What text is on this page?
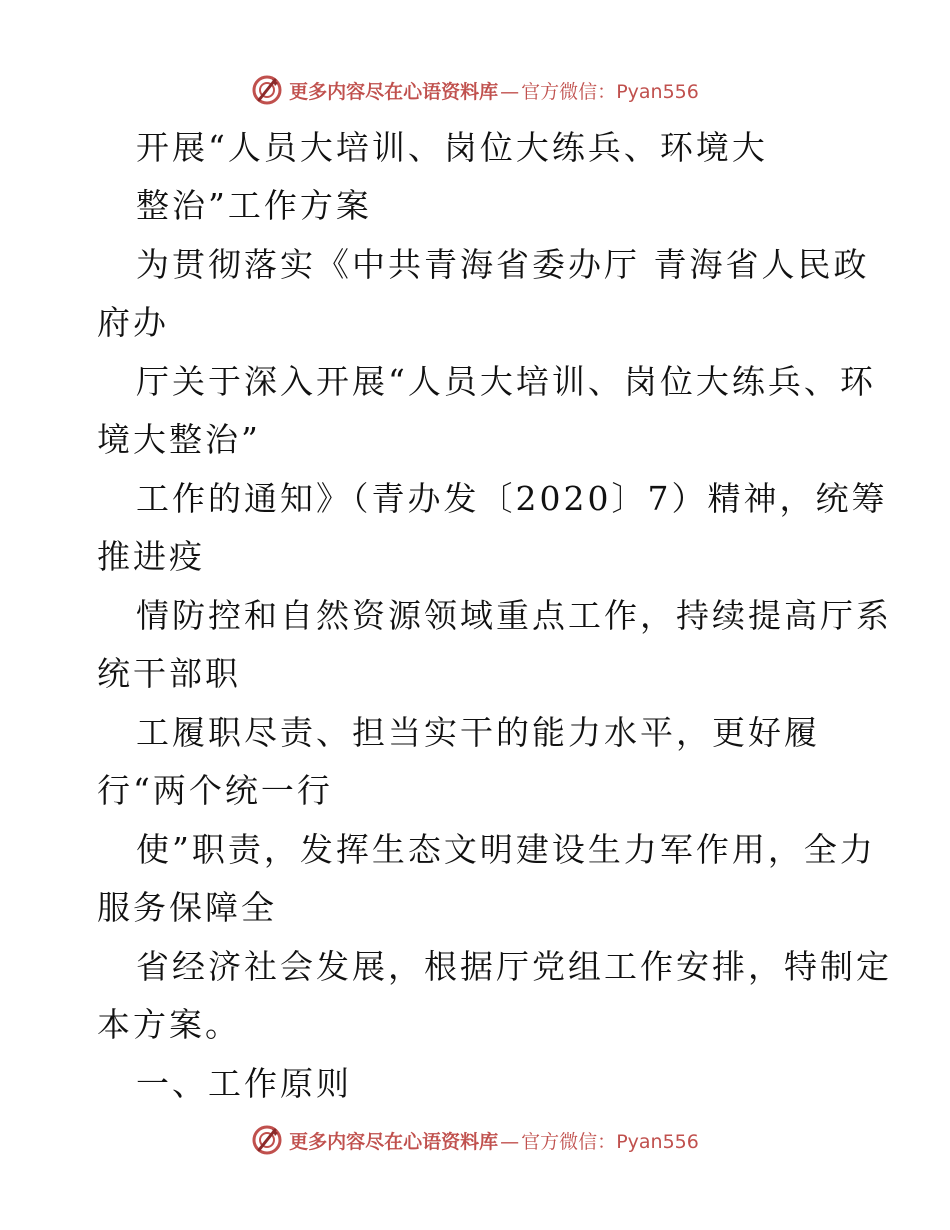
更多内容尽在心语资料库 — 官方微信：Pyan556
开展“人员大培训、岗位大练兵、环境大
整治”工作方案
为贯彻落实《中共青海省委办厅 青海省人民政
府办
厅关于深入开展“人员大培训、岗位大练兵、环
境大整治”
工作的通知》（青办发〔2020〕7）精神，统筹
推进疫
情防控和自然资源领域重点工作，持续提高厅系
统干部职
工履职尽责、担当实干的能力水平，更好履
行“两个统一行
使”职责，发挥生态文明建设生力军作用，全力
服务保障全
省经济社会发展，根据厅党组工作安排，特制定
本方案。
一、工作原则
更多内容尽在心语资料库 — 官方微信：Pyan556
